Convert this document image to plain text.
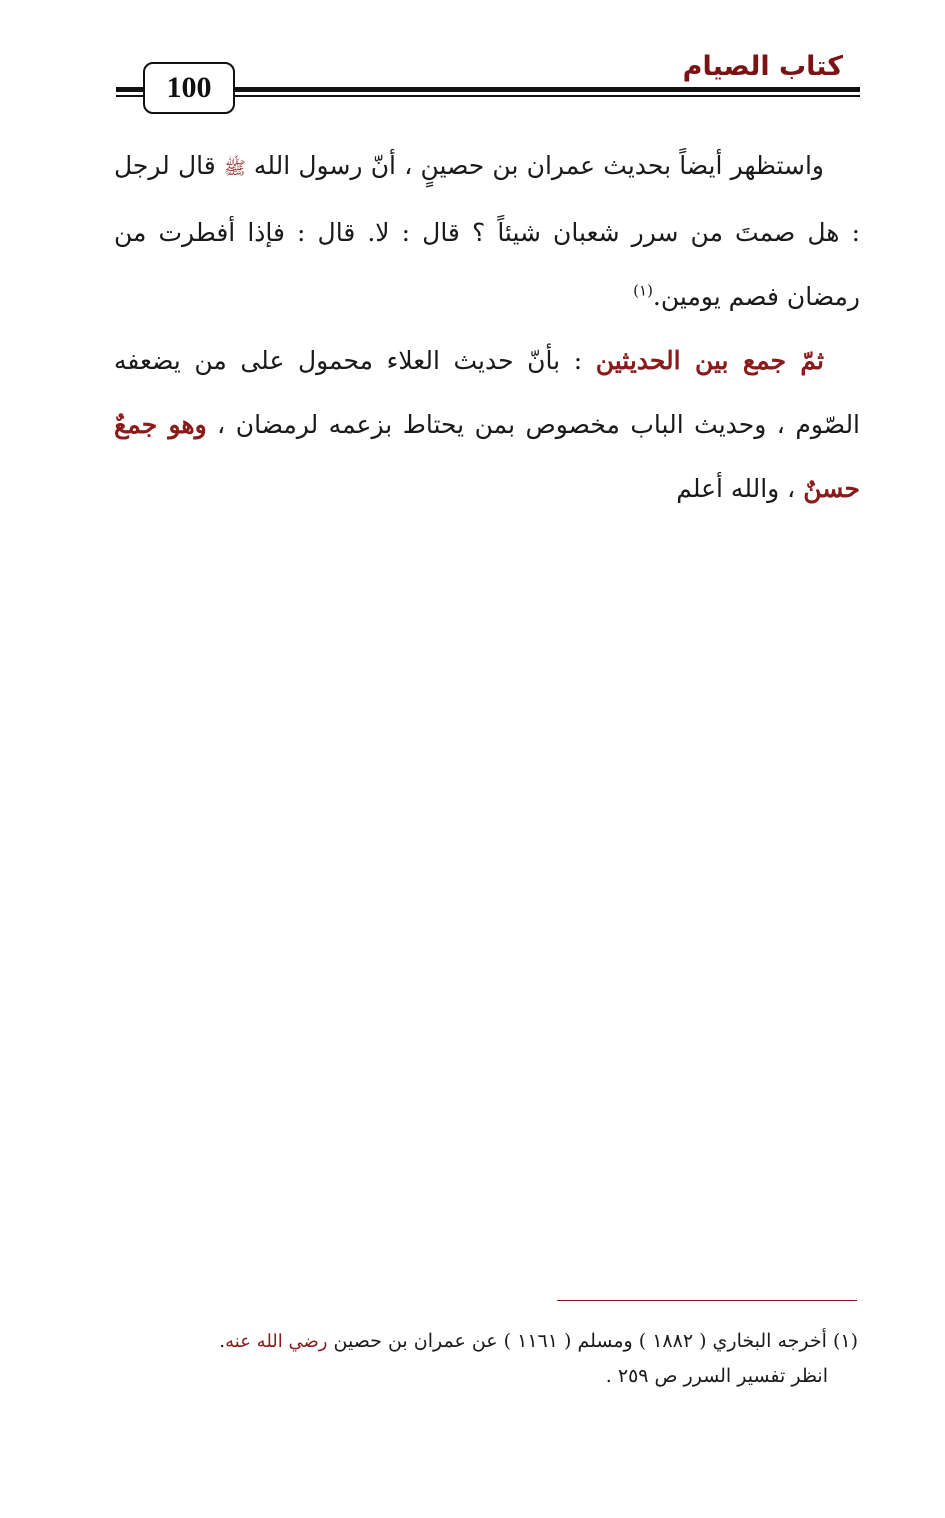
100
كتاب الصيام

واستظهر أيضاً بحديث عمران بن حصينٍ ، أنّ رسول الله ﷺ قال لرجل : هل صمتَ من سرر شعبان شيئاً ؟ قال : لا. قال : فإذا أفطرت من رمضان فصم يومين.$^{(١)}$

ثمّ جمع بين الحديثين : بأنّ حديث العلاء محمول على من يضعفه الصّوم ، وحديث الباب مخصوص بمن يحتاط بزعمه لرمضان ، وهو جمعٌ حسنٌ ، والله أعلم

(١) أخرجه البخاري ( ١٨٨٢ ) ومسلم ( ١١٦١ ) عن عمران بن حصين رضي الله عنه.

انظر تفسير السرر ص ٢٥٩ .
